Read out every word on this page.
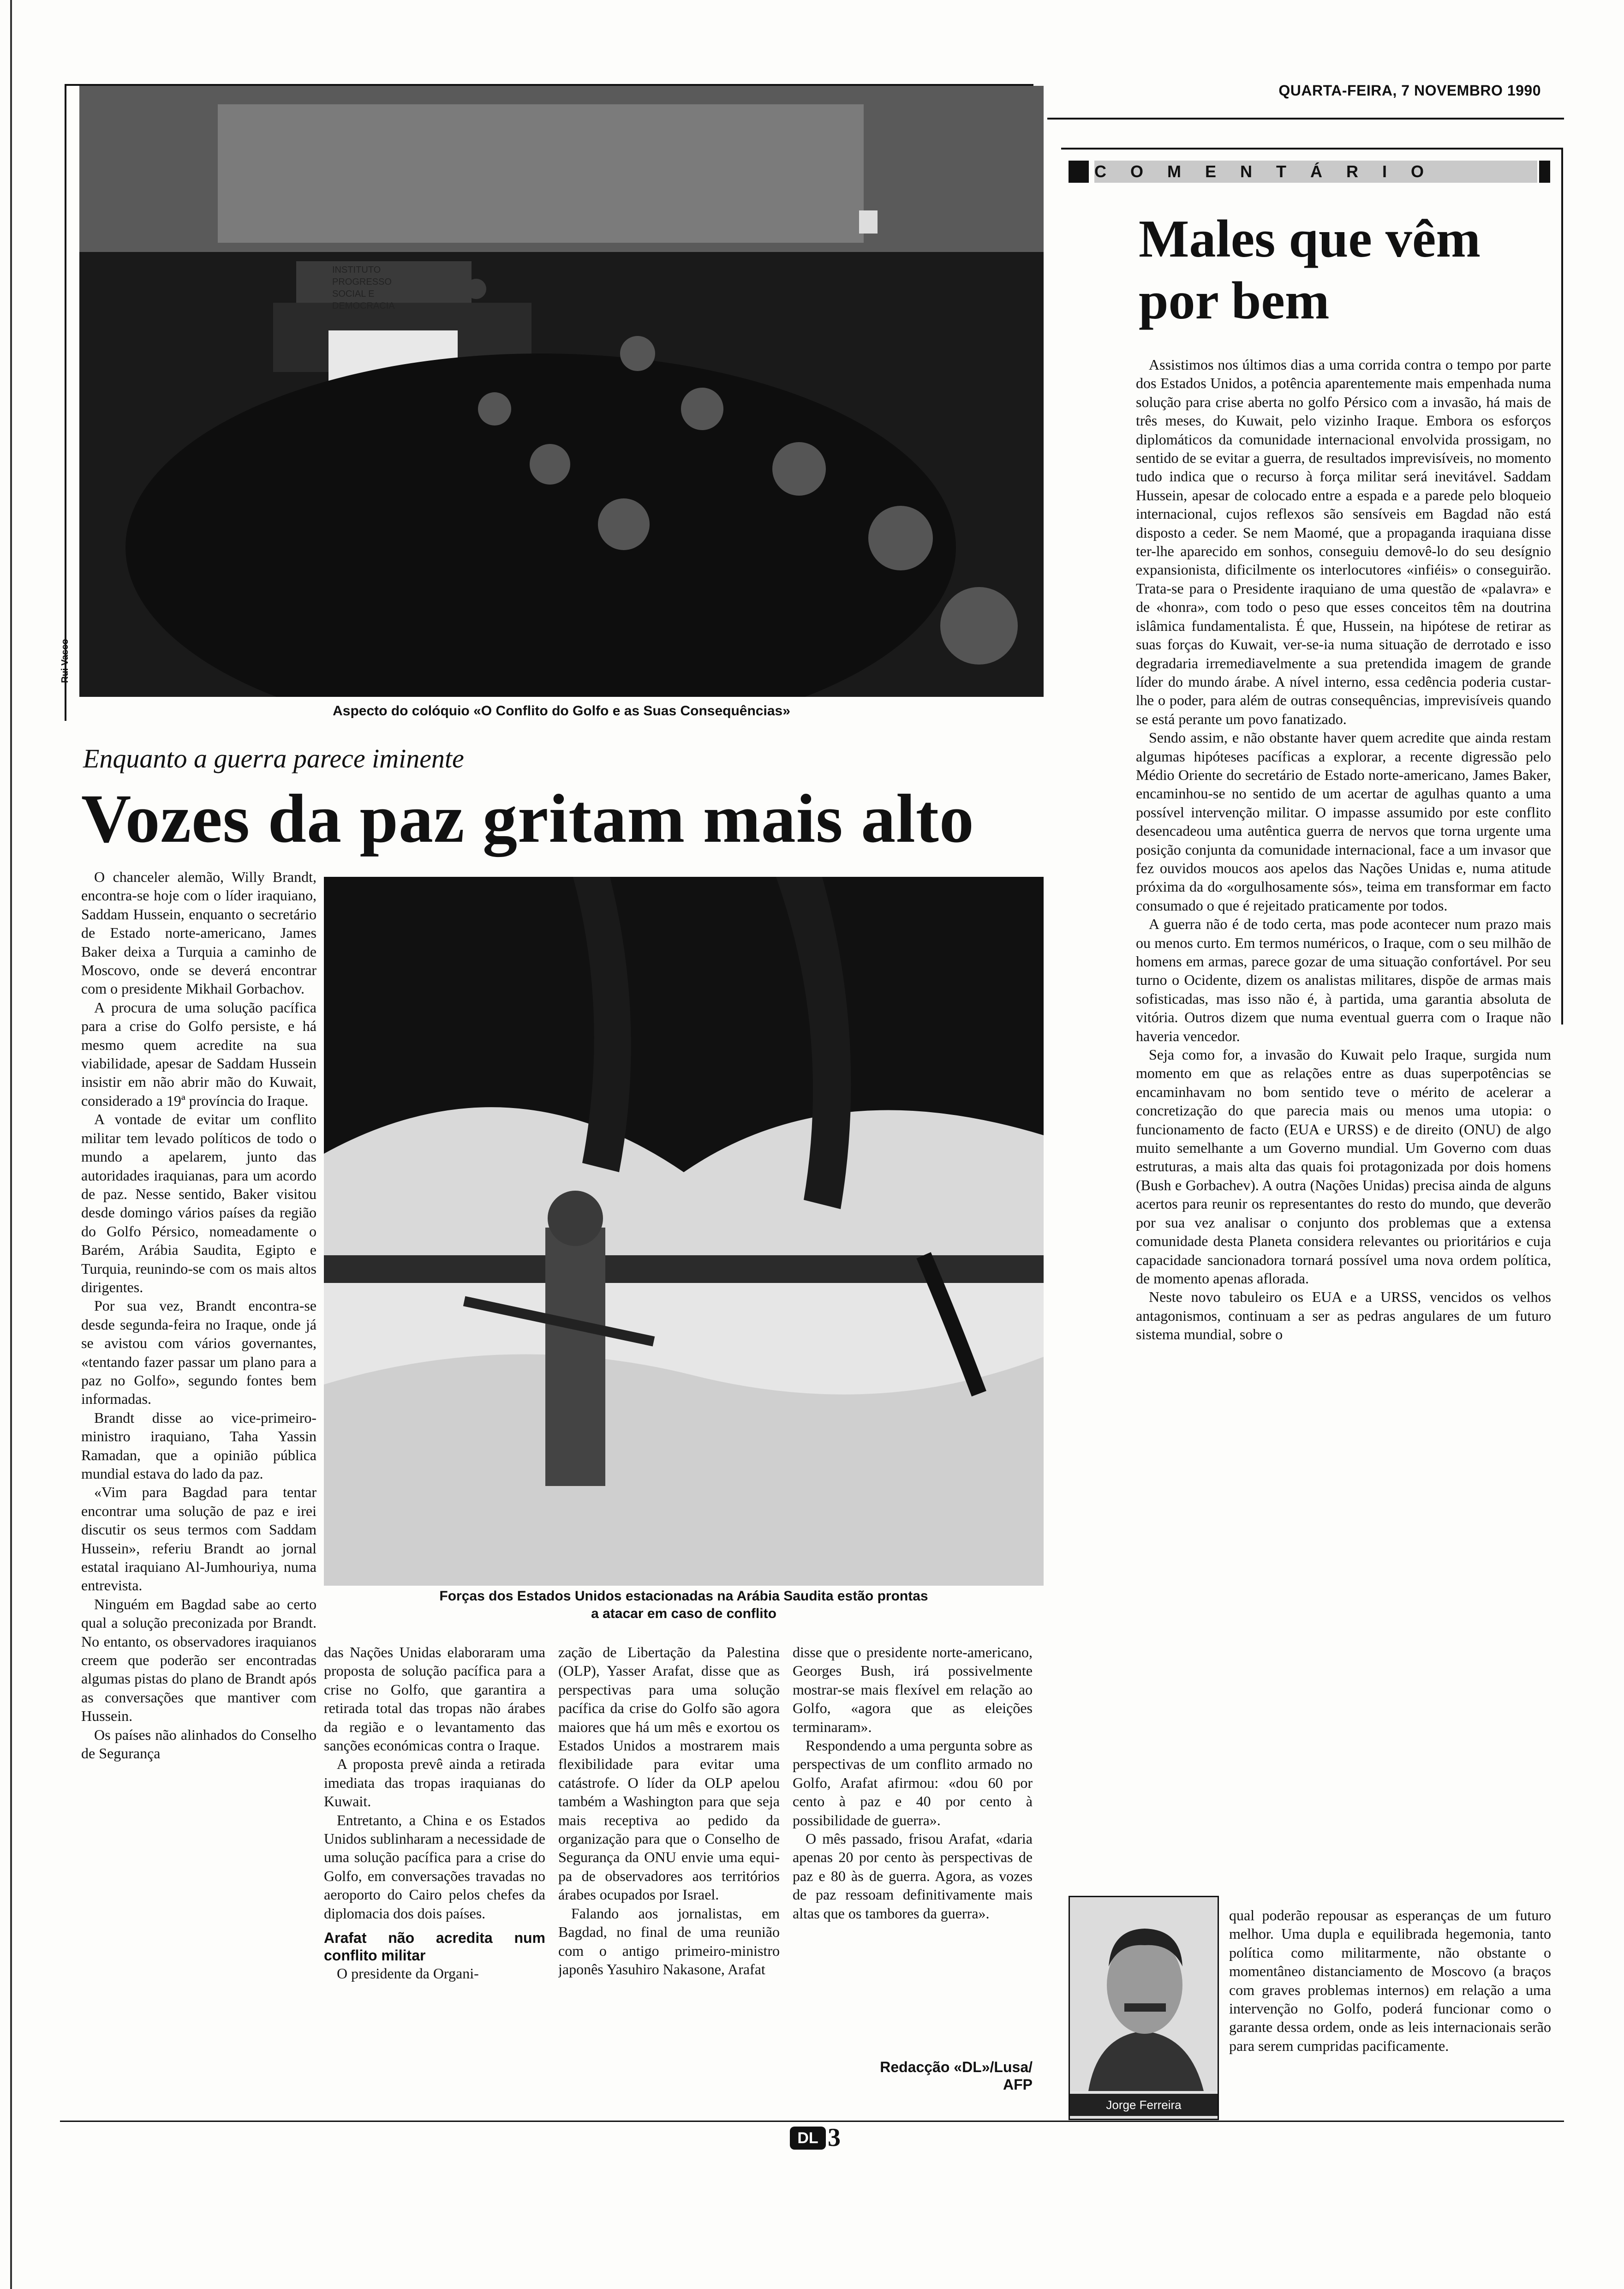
QUARTA-FEIRA, 7 NOVEMBRO 1990
INSTITUTO PROGRESSO SOCIAL E DEMOCRACIA
Rui Vasco
Aspecto do colóquio «O Conflito do Golfo e as Suas Consequências»
Enquanto a guerra parece iminente
Vozes da paz gritam mais alto

O chanceler alemão, Willy Brandt, encontra-se hoje com o líder iraquiano, Saddam Hussein, enquanto o secretário de Estado norte-americano, James Baker deixa a Turquia a caminho de Moscovo, onde se deverá encontrar com o presidente Mikhail Gorbachov.

A procura de uma solução pacífica para a crise do Golfo persiste, e há mesmo quem acredite na sua viabilidade, apesar de Saddam Hussein insistir em não abrir mão do Kuwait, considerado a 19ª província do Iraque.

A vontade de evitar um conflito militar tem levado políticos de todo o mundo a apelarem, junto das autoridades iraquianas, para um acordo de paz. Nesse sentido, Baker visitou desde domingo vários países da região do Golfo Pérsico, nomeadamente o Barém, Arábia Saudita, Egipto e Turquia, reunindo-se com os mais altos dirigentes.

Por sua vez, Brandt encontra-se desde segunda-feira no Iraque, onde já se avistou com vários governantes, «tentando fazer passar um plano para a paz no Golfo», segundo fontes bem informadas.

Brandt disse ao vice-primeiro-ministro iraquiano, Taha Yassin Ramadan, que a opinião pública mundial estava do lado da paz.

«Vim para Bagdad para tentar encontrar uma solução de paz e irei discutir os seus termos com Saddam Hussein», referiu Brandt ao jornal estatal iraquiano Al-Jumhouriya, numa entrevista.

Ninguém em Bagdad sabe ao certo qual a solução preconizada por Brandt. No entanto, os observadores iraquianos creem que poderão ser encontradas algumas pistas do plano de Brandt após as conversações que mantiver com Hussein.

Os países não alinhados do Conselho de Segurança

Forças dos Estados Unidos estacionadas na Arábia Saudita estão prontas
a atacar em caso de conflito

das Nações Unidas elaboraram uma proposta de solução pacífica para a crise no Golfo, que garantira a retirada total das tropas não árabes da região e o levantamento das sanções económicas contra o Iraque.

A proposta prevê ainda a retirada imediata das tropas iraquianas do Kuwait.

Entretanto, a China e os Estados Unidos sublinharam a necessidade de uma solução pacífica para a crise do Golfo, em conversações travadas no aeroporto do Cairo pelos chefes da diplomacia dos dois países.

Arafat não acredita num conflito militar

O presidente da Organi-

zação de Libertação da Palestina (OLP), Yasser Arafat, disse que as perspectivas para uma solução pacífica da crise do Golfo são agora maiores que há um mês e exortou os Estados Unidos a mostrarem mais flexibilidade para evitar uma catástrofe. O líder da OLP apelou também a Washington para que seja mais receptiva ao pedido da organização para que o Conselho de Segurança da ONU envie uma equi-pa de observadores aos territórios árabes ocupados por Israel.

Falando aos jornalistas, em Bagdad, no final de uma reunião com o antigo primeiro-ministro japonês Yasuhiro Nakasone, Arafat

disse que o presidente norte-americano, Georges Bush, irá possivelmente mostrar-se mais flexível em relação ao Golfo, «agora que as eleições terminaram».

Respondendo a uma pergunta sobre as perspectivas de um conflito armado no Golfo, Arafat afirmou: «dou 60 por cento à paz e 40 por cento à possibilidade de guerra».

O mês passado, frisou Arafat, «daria apenas 20 por cento às perspectivas de paz e 80 às de guerra. Agora, as vozes de paz ressoam definitivamente mais altas que os tambores da guerra».

Redacção «DL»/Lusa/ AFP
COMENTÁRIO
Males que vêm
por bem

Assistimos nos últimos dias a uma corrida contra o tempo por parte dos Estados Unidos, a potência aparentemente mais empenhada numa solução para crise aberta no golfo Pérsico com a invasão, há mais de três meses, do Kuwait, pelo vizinho Iraque. Embora os esforços diplomáticos da comunidade internacional envolvida prossigam, no sentido de se evitar a guerra, de resultados imprevisíveis, no momento tudo indica que o recurso à força militar será inevitável. Saddam Hussein, apesar de colocado entre a espada e a parede pelo bloqueio internacional, cujos reflexos são sensíveis em Bagdad não está disposto a ceder. Se nem Maomé, que a propaganda iraquiana disse ter-lhe aparecido em sonhos, conseguiu demovê-lo do seu desígnio expansionista, dificilmente os interlocutores «infiéis» o conseguirão. Trata-se para o Presidente iraquiano de uma questão de «palavra» e de «honra», com todo o peso que esses conceitos têm na doutrina islâmica fundamentalista. É que, Hussein, na hipótese de retirar as suas forças do Kuwait, ver-se-ia numa situação de derrotado e isso degradaria irremediavelmente a sua pretendida imagem de grande líder do mundo árabe. A nível interno, essa cedência poderia custar-lhe o poder, para além de outras consequências, imprevisíveis quando se está perante um povo fanatizado.

Sendo assim, e não obstante haver quem acredite que ainda restam algumas hipóteses pacíficas a explorar, a recente digressão pelo Médio Oriente do secretário de Estado norte-americano, James Baker, encaminhou-se no sentido de um acertar de agulhas quanto a uma possível intervenção militar. O impasse assumido por este conflito desencadeou uma autêntica guerra de nervos que torna urgente uma posição conjunta da comunidade internacional, face a um invasor que fez ouvidos moucos aos apelos das Nações Unidas e, numa atitude próxima da do «orgulhosamente sós», teima em transformar em facto consumado o que é rejeitado praticamente por todos.

A guerra não é de todo certa, mas pode acontecer num prazo mais ou menos curto. Em termos numéricos, o Iraque, com o seu milhão de homens em armas, parece gozar de uma situação confortável. Por seu turno o Ocidente, dizem os analistas militares, dispõe de armas mais sofisticadas, mas isso não é, à partida, uma garantia absoluta de vitória. Outros dizem que numa eventual guerra com o Iraque não haveria vencedor.

Seja como for, a invasão do Kuwait pelo Iraque, surgida num momento em que as relações entre as duas superpotências se encaminhavam no bom sentido teve o mérito de acelerar a concretização do que parecia mais ou menos uma utopia: o funcionamento de facto (EUA e URSS) e de direito (ONU) de algo muito semelhante a um Governo mundial. Um Governo com duas estruturas, a mais alta das quais foi protagonizada por dois homens (Bush e Gorbachev). A outra (Nações Unidas) precisa ainda de alguns acertos para reunir os representantes do resto do mundo, que deverão por sua vez analisar o conjunto dos problemas que a extensa comunidade desta Planeta considera relevantes ou prioritários e cuja capacidade sancionadora tornará possível uma nova ordem política, de momento apenas aflorada.

Neste novo tabuleiro os EUA e a URSS, vencidos os velhos antagonismos, continuam a ser as pedras angulares de um futuro sistema mundial, sobre o

Jorge Ferreira

qual poderão repousar as esperanças de um futuro melhor. Uma dupla e equilibrada hegemonia, tanto política como militarmente, não obstante o momentâneo distanciamento de Moscovo (a braços com graves problemas internos) em relação a uma intervenção no Golfo, poderá funcionar como o garante dessa ordem, onde as leis internacionais serão para serem cumpridas pacificamente.

DL 3
